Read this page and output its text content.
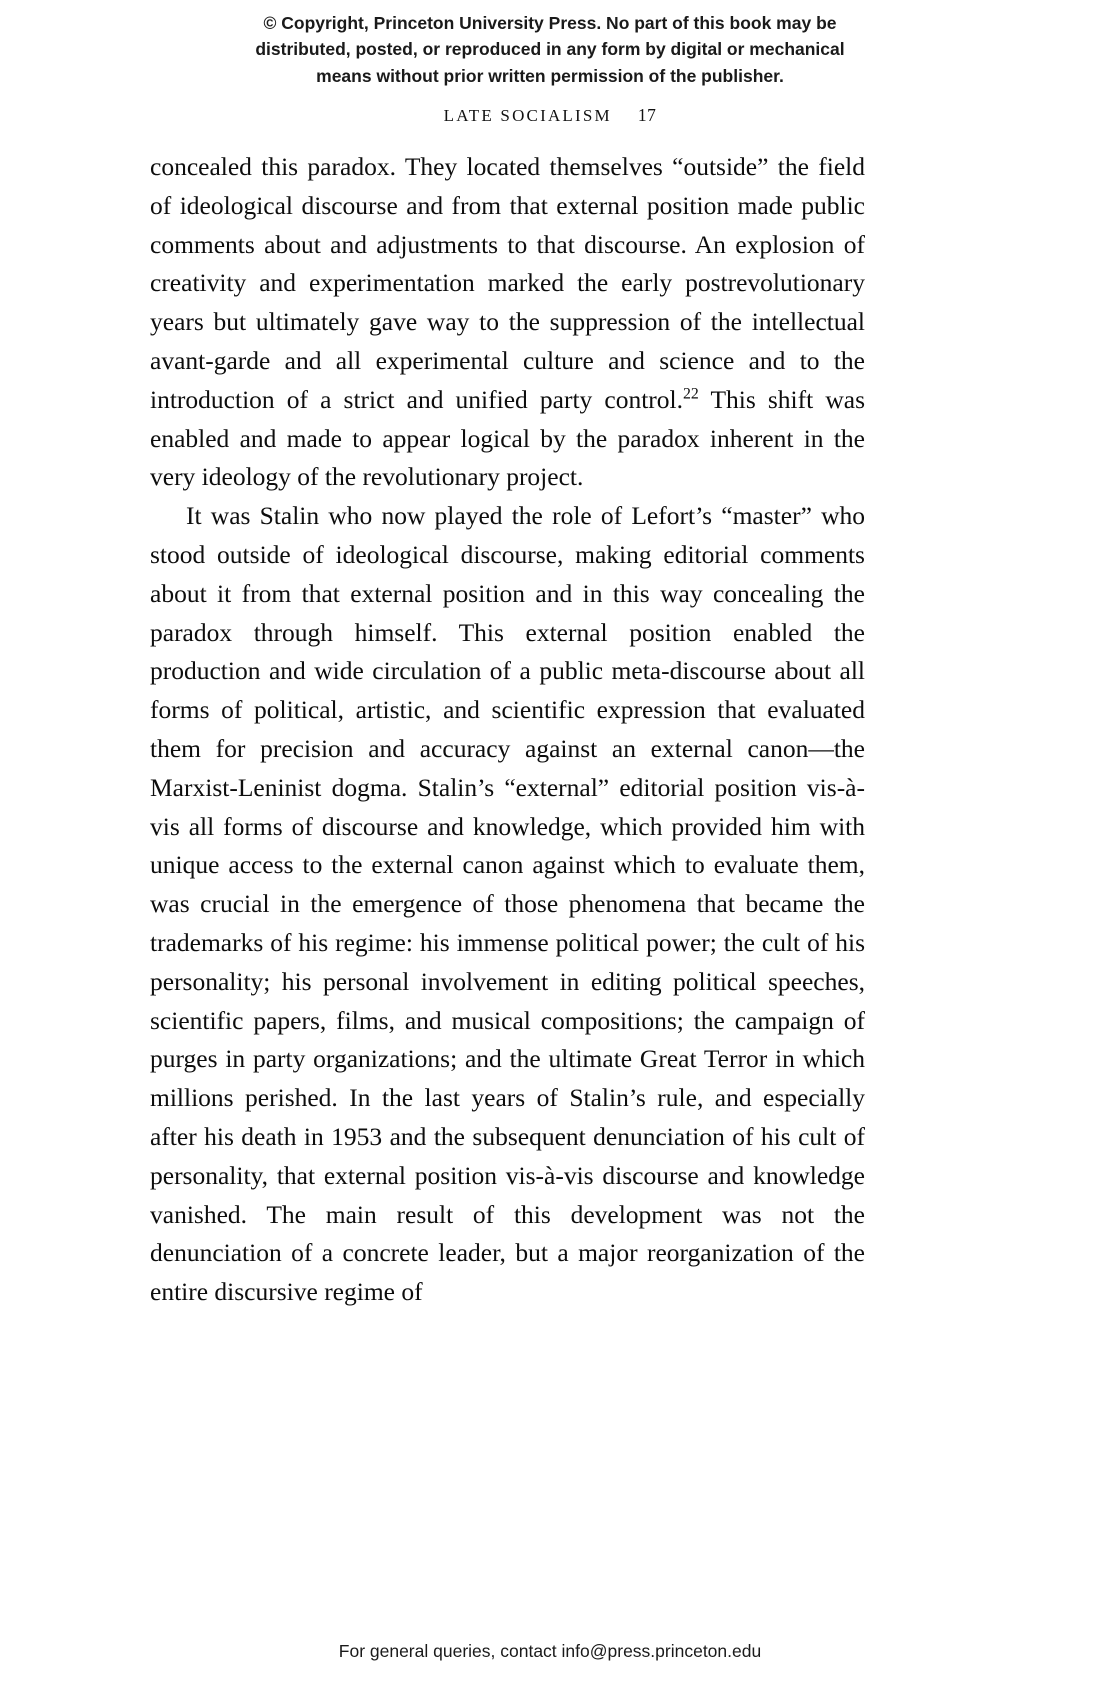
© Copyright, Princeton University Press. No part of this book may be
distributed, posted, or reproduced in any form by digital or mechanical
means without prior written permission of the publisher.
LATE SOCIALISM 17

concealed this paradox. They located themselves “outside” the field of ideological discourse and from that external position made public comments about and adjustments to that discourse. An explosion of creativity and experimentation marked the early postrevolutionary years but ultimately gave way to the suppression of the intellectual avant-garde and all experimental culture and science and to the introduction of a strict and unified party control.$^{22}$ This shift was enabled and made to appear logical by the paradox inherent in the very ideology of the revolutionary project.

It was Stalin who now played the role of Lefort’s “master” who stood outside of ideological discourse, making editorial comments about it from that external position and in this way concealing the paradox through himself. This external position enabled the production and wide circulation of a public meta-discourse about all forms of political, artistic, and scientific expression that evaluated them for precision and accuracy against an external canon—the Marxist-Leninist dogma. Stalin’s “external” editorial position vis-à-vis all forms of discourse and knowledge, which provided him with unique access to the external canon against which to evaluate them, was crucial in the emergence of those phenomena that became the trademarks of his regime: his immense political power; the cult of his personality; his personal involvement in editing political speeches, scientific papers, films, and musical compositions; the campaign of purges in party organizations; and the ultimate Great Terror in which millions perished. In the last years of Stalin’s rule, and especially after his death in 1953 and the subsequent denunciation of his cult of personality, that external position vis-à-vis discourse and knowledge vanished. The main result of this development was not the denunciation of a concrete leader, but a major reorganization of the entire discursive regime of

For general queries, contact info@press.princeton.edu
